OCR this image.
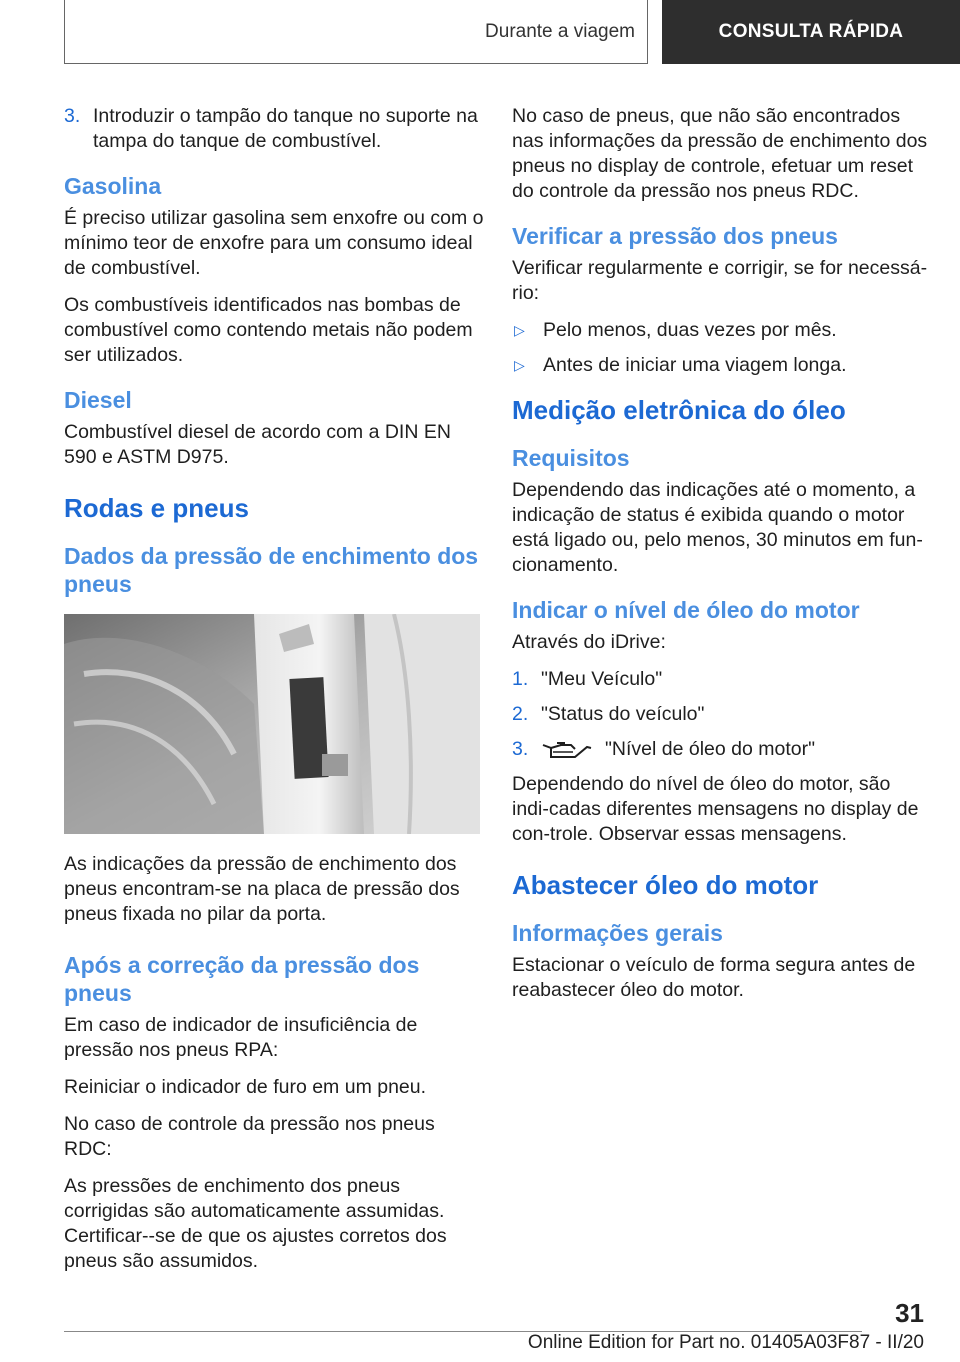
Durante a viagem	CONSULTA RÁPIDA
3. Introduzir o tampão do tanque no suporte na tampa do tanque de combustível.
Gasolina

É preciso utilizar gasolina sem enxofre ou com o mínimo teor de enxofre para um consumo ideal de combustível.

Os combustíveis identificados nas bombas de combustível como contendo metais não podem ser utilizados.

Diesel

Combustível diesel de acordo com a DIN EN 590 e ASTM D975.

Rodas e pneus
Dados da pressão de enchimento dos pneus

As indicações da pressão de enchimento dos pneus encontram-se na placa de pressão dos pneus fixada no pilar da porta.

Após a correção da pressão dos pneus

Em caso de indicador de insuficiência de pressão nos pneus RPA:

Reiniciar o indicador de furo em um pneu.

No caso de controle da pressão nos pneus RDC:

As pressões de enchimento dos pneus corrigidas são automaticamente assumidas. Certificar-‐se de que os ajustes corretos dos pneus são assumidos.

No caso de pneus, que não são encontrados nas informações da pressão de enchimento dos pneus no display de controle, efetuar um reset do controle da pressão nos pneus RDC.

Verificar a pressão dos pneus

Verificar regularmente e corrigir, se for necessá‐rio:

▷ Pelo menos, duas vezes por mês.
▷ Antes de iniciar uma viagem longa.
Medição eletrônica do óleo
Requisitos

Dependendo das indicações até o momento, a indicação de status é exibida quando o motor está ligado ou, pelo menos, 30 minutos em fun‐cionamento.

Indicar o nível de óleo do motor

Através do iDrive:

1. "Meu Veículo"
2. "Status do veículo"
3.	"Nível de óleo do motor"

Dependendo do nível de óleo do motor, são indi‐cadas diferentes mensagens no display de con‐trole. Observar essas mensagens.

Abastecer óleo do motor
Informações gerais

Estacionar o veículo de forma segura antes de reabastecer óleo do motor.

31
Online Edition for Part no. 01405A03F87 - II/20
